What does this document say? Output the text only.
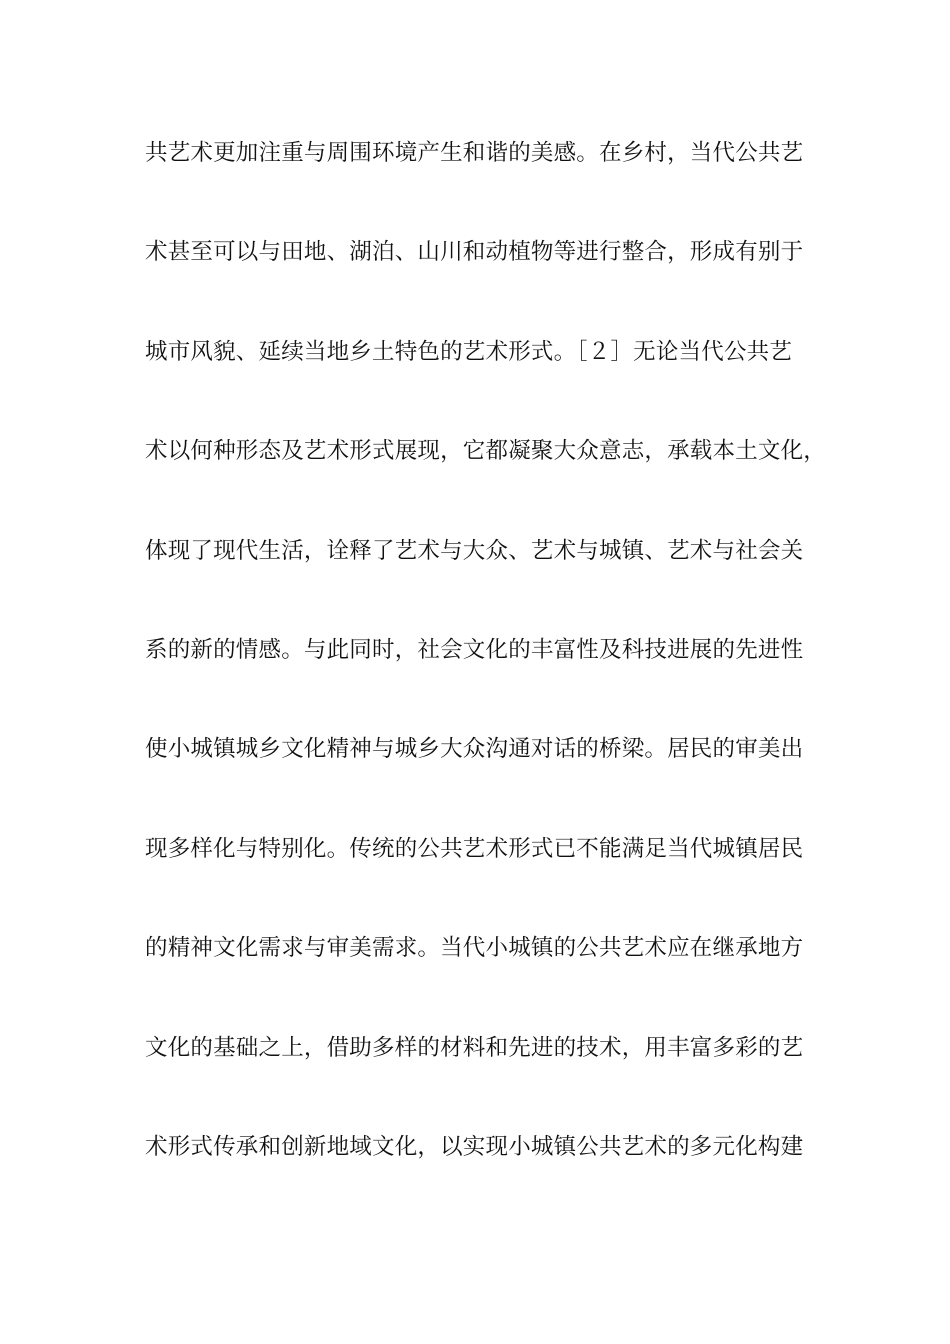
共艺术更加注重与周围环境产生和谐的美感。在乡村，当代公共艺
术甚至可以与田地、湖泊、山川和动植物等进行整合，形成有别于
城市风貌、延续当地乡土特色的艺术形式。［２］无论当代公共艺
术以何种形态及艺术形式展现，它都凝聚大众意志，承载本土文化，
体现了现代生活，诠释了艺术与大众、艺术与城镇、艺术与社会关
系的新的情感。与此同时，社会文化的丰富性及科技进展的先进性
使小城镇城乡文化精神与城乡大众沟通对话的桥梁。居民的审美出
现多样化与特别化。传统的公共艺术形式已不能满足当代城镇居民
的精神文化需求与审美需求。当代小城镇的公共艺术应在继承地方
文化的基础之上，借助多样的材料和先进的技术，用丰富多彩的艺
术形式传承和创新地域文化，以实现小城镇公共艺术的多元化构建
